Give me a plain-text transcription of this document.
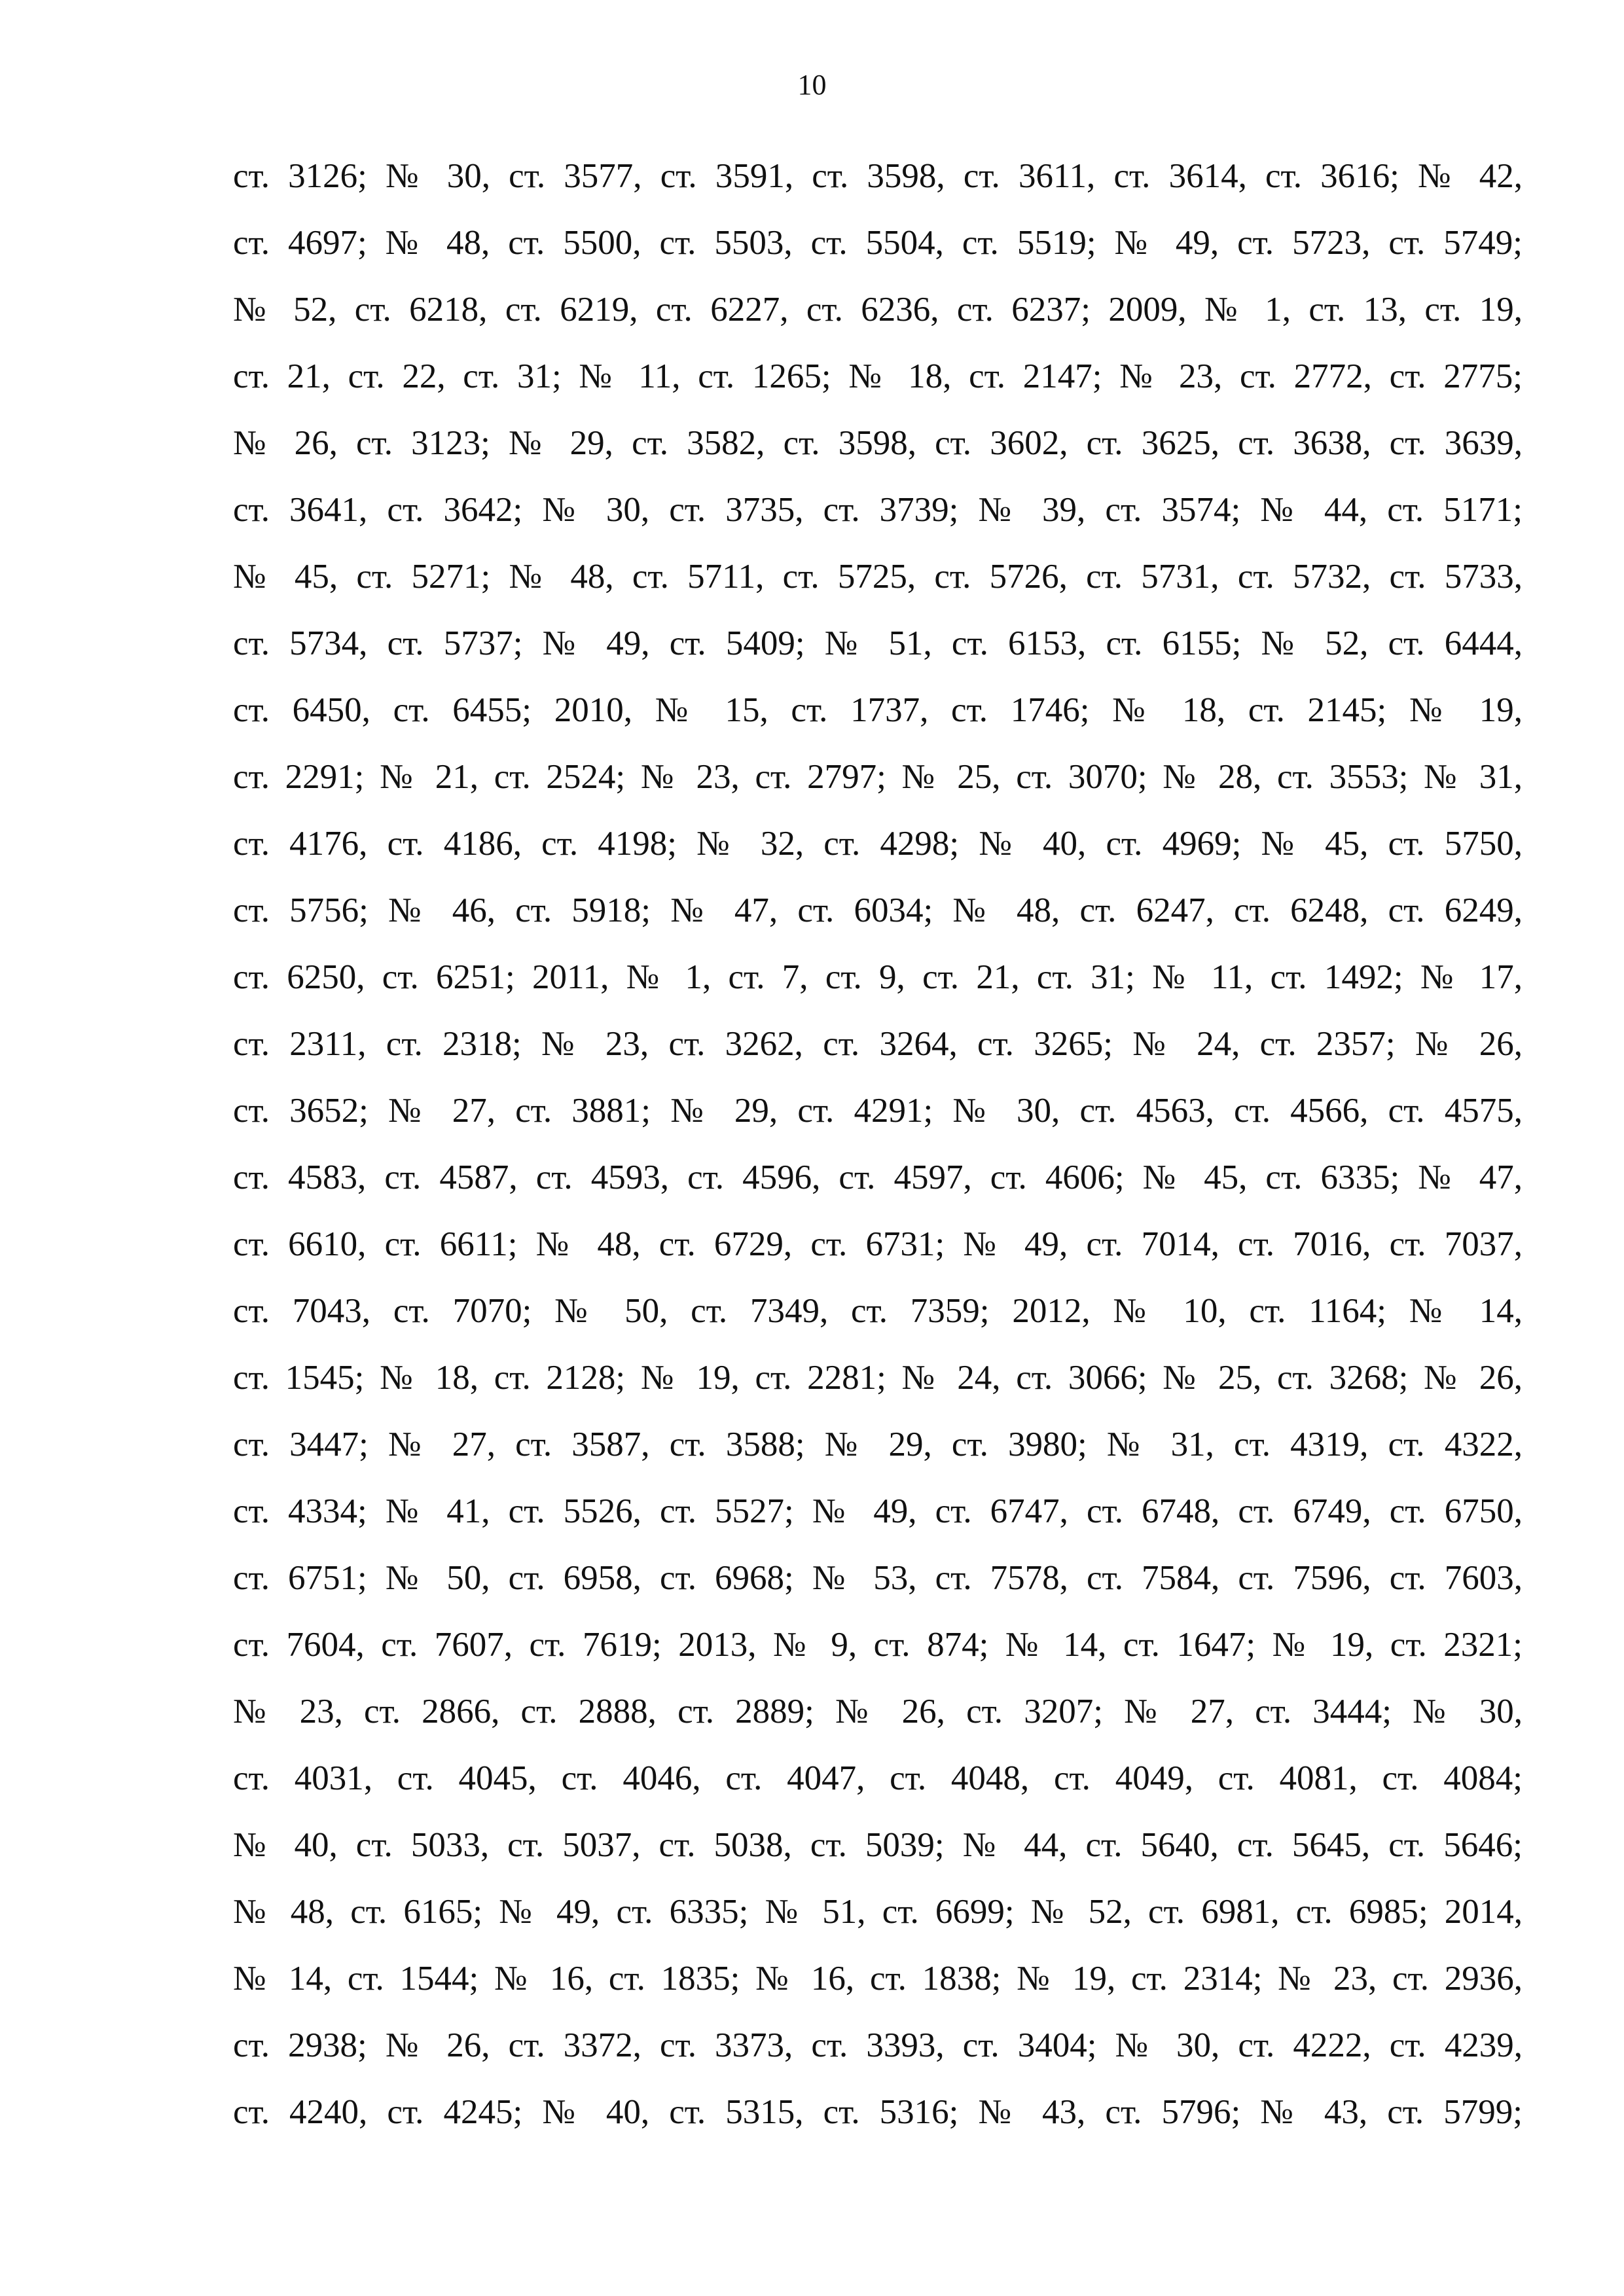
10
ст. 3126; № 30, ст. 3577, ст. 3591, ст. 3598, ст. 3611, ст. 3614, ст. 3616; № 42,
ст. 4697; № 48, ст. 5500, ст. 5503, ст. 5504, ст. 5519; № 49, ст. 5723, ст. 5749;
№ 52, ст. 6218, ст. 6219, ст. 6227, ст. 6236, ст. 6237; 2009, № 1, ст. 13, ст. 19,
ст. 21, ст. 22, ст. 31; № 11, ст. 1265; № 18, ст. 2147; № 23, ст. 2772, ст. 2775;
№ 26, ст. 3123; № 29, ст. 3582, ст. 3598, ст. 3602, ст. 3625, ст. 3638, ст. 3639,
ст. 3641, ст. 3642; № 30, ст. 3735, ст. 3739; № 39, ст. 3574; № 44, ст. 5171;
№ 45, ст. 5271; № 48, ст. 5711, ст. 5725, ст. 5726, ст. 5731, ст. 5732, ст. 5733,
ст. 5734, ст. 5737; № 49, ст. 5409; № 51, ст. 6153, ст. 6155; № 52, ст. 6444,
ст. 6450, ст. 6455; 2010, № 15, ст. 1737, ст. 1746; № 18, ст. 2145; № 19,
ст. 2291; № 21, ст. 2524; № 23, ст. 2797; № 25, ст. 3070; № 28, ст. 3553; № 31,
ст. 4176, ст. 4186, ст. 4198; № 32, ст. 4298; № 40, ст. 4969; № 45, ст. 5750,
ст. 5756; № 46, ст. 5918; № 47, ст. 6034; № 48, ст. 6247, ст. 6248, ст. 6249,
ст. 6250, ст. 6251; 2011, № 1, ст. 7, ст. 9, ст. 21, ст. 31; № 11, ст. 1492; № 17,
ст. 2311, ст. 2318; № 23, ст. 3262, ст. 3264, ст. 3265; № 24, ст. 2357; № 26,
ст. 3652; № 27, ст. 3881; № 29, ст. 4291; № 30, ст. 4563, ст. 4566, ст. 4575,
ст. 4583, ст. 4587, ст. 4593, ст. 4596, ст. 4597, ст. 4606; № 45, ст. 6335; № 47,
ст. 6610, ст. 6611; № 48, ст. 6729, ст. 6731; № 49, ст. 7014, ст. 7016, ст. 7037,
ст. 7043, ст. 7070; № 50, ст. 7349, ст. 7359; 2012, № 10, ст. 1164; № 14,
ст. 1545; № 18, ст. 2128; № 19, ст. 2281; № 24, ст. 3066; № 25, ст. 3268; № 26,
ст. 3447; № 27, ст. 3587, ст. 3588; № 29, ст. 3980; № 31, ст. 4319, ст. 4322,
ст. 4334; № 41, ст. 5526, ст. 5527; № 49, ст. 6747, ст. 6748, ст. 6749, ст. 6750,
ст. 6751; № 50, ст. 6958, ст. 6968; № 53, ст. 7578, ст. 7584, ст. 7596, ст. 7603,
ст. 7604, ст. 7607, ст. 7619; 2013, № 9, ст. 874; № 14, ст. 1647; № 19, ст. 2321;
№ 23, ст. 2866, ст. 2888, ст. 2889; № 26, ст. 3207; № 27, ст. 3444; № 30,
ст. 4031, ст. 4045, ст. 4046, ст. 4047, ст. 4048, ст. 4049, ст. 4081, ст. 4084;
№ 40, ст. 5033, ст. 5037, ст. 5038, ст. 5039; № 44, ст. 5640, ст. 5645, ст. 5646;
№ 48, ст. 6165; № 49, ст. 6335; № 51, ст. 6699; № 52, ст. 6981, ст. 6985; 2014,
№ 14, ст. 1544; № 16, ст. 1835; № 16, ст. 1838; № 19, ст. 2314; № 23, ст. 2936,
ст. 2938; № 26, ст. 3372, ст. 3373, ст. 3393, ст. 3404; № 30, ст. 4222, ст. 4239,
ст. 4240, ст. 4245; № 40, ст. 5315, ст. 5316; № 43, ст. 5796; № 43, ст. 5799;
